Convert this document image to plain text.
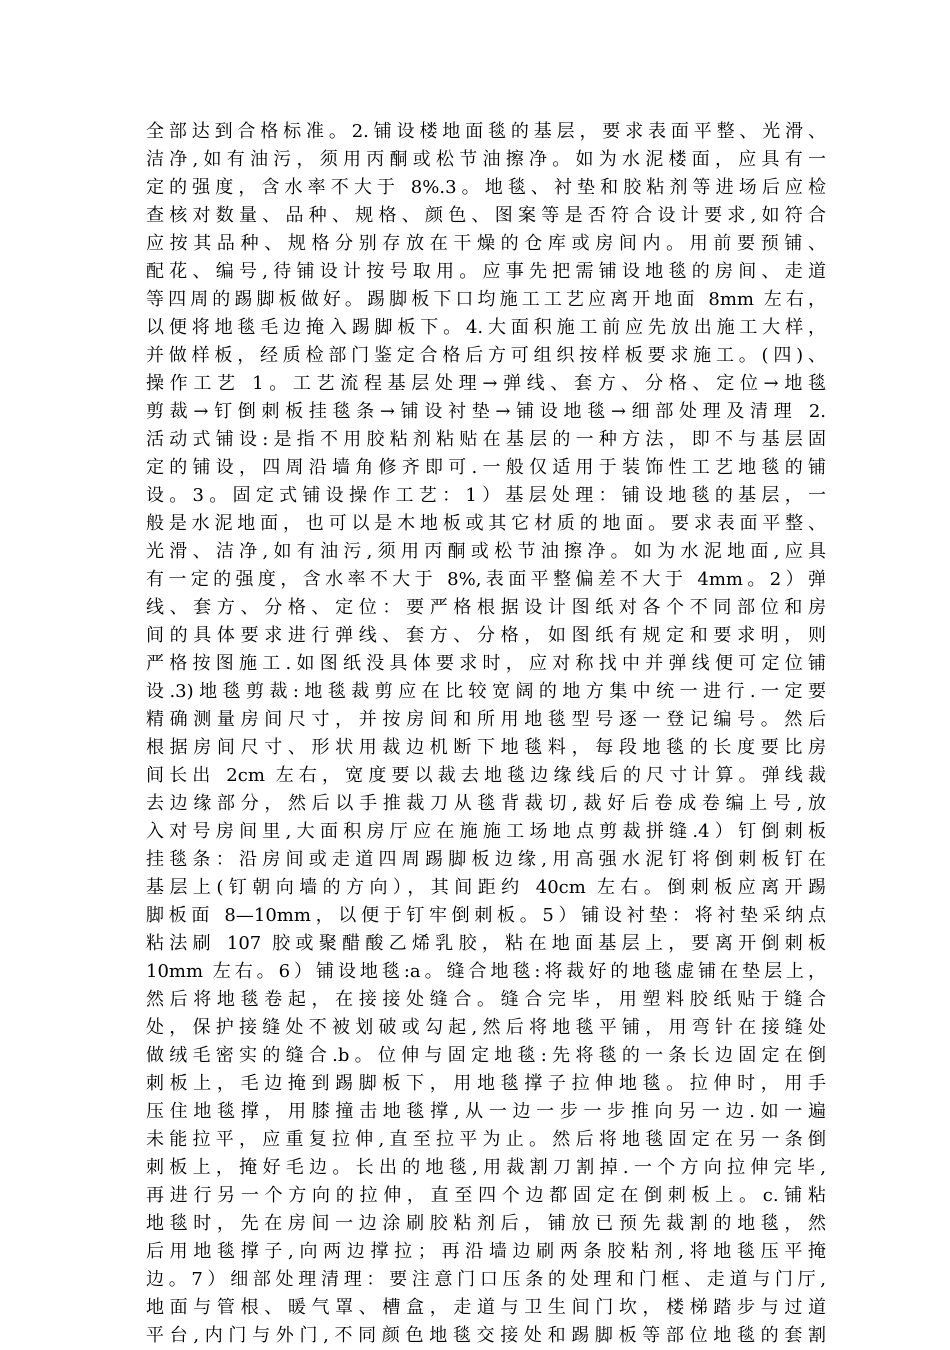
全部达到合格标准。2.铺设楼地面毯的基层，要求表面平整、光滑、
洁净,如有油污，须用丙酮或松节油擦净。如为水泥楼面，应具有一
定的强度，含水率不大于 8%.3。地毯、衬垫和胶粘剂等进场后应检
查核对数量、品种、规格、颜色、图案等是否符合设计要求,如符合
应按其品种、规格分别存放在干燥的仓库或房间内。用前要预铺、
配花、编号,待铺设计按号取用。应事先把需铺设地毯的房间、走道
等四周的踢脚板做好。踢脚板下口均施工工艺应离开地面 8mm 左右，
以便将地毯毛边掩入踢脚板下。4.大面积施工前应先放出施工大样，
并做样板，经质检部门鉴定合格后方可组织按样板要求施工。(四)、
操作工艺 1。工艺流程基层处理→弹线、套方、分格、定位→地毯
剪裁→钉倒刺板挂毯条→铺设衬垫→铺设地毯→细部处理及清理 2.
活动式铺设:是指不用胶粘剂粘贴在基层的一种方法，即不与基层固
定的铺设，四周沿墙角修齐即可.一般仅适用于装饰性工艺地毯的铺
设。3。固定式铺设操作工艺：1）基层处理：铺设地毯的基层，一
般是水泥地面，也可以是木地板或其它材质的地面。要求表面平整、
光滑、洁净,如有油污,须用丙酮或松节油擦净。如为水泥地面,应具
有一定的强度，含水率不大于 8%,表面平整偏差不大于 4mm。2）弹
线、套方、分格、定位：要严格根据设计图纸对各个不同部位和房
间的具体要求进行弹线、套方、分格，如图纸有规定和要求明，则
严格按图施工.如图纸没具体要求时，应对称找中并弹线便可定位铺
设.3)地毯剪裁:地毯裁剪应在比较宽阔的地方集中统一进行.一定要
精确测量房间尺寸，并按房间和所用地毯型号逐一登记编号。然后
根据房间尺寸、形状用裁边机断下地毯料，每段地毯的长度要比房
间长出 2cm 左右，宽度要以裁去地毯边缘线后的尺寸计算。弹线裁
去边缘部分，然后以手推裁刀从毯背裁切,裁好后卷成卷编上号,放
入对号房间里,大面积房厅应在施施工场地点剪裁拼缝.4）钉倒刺板
挂毯条：沿房间或走道四周踢脚板边缘,用高强水泥钉将倒刺板钉在
基层上(钉朝向墙的方向），其间距约 40cm 左右。倒刺板应离开踢
脚板面 8—10mm，以便于钉牢倒刺板。5）铺设衬垫：将衬垫采纳点
粘法刷 107 胶或聚醋酸乙烯乳胶，粘在地面基层上，要离开倒刺板
10mm 左右。6）铺设地毯:a。缝合地毯:将裁好的地毯虚铺在垫层上，
然后将地毯卷起，在接接处缝合。缝合完毕，用塑料胶纸贴于缝合
处，保护接缝处不被划破或勾起,然后将地毯平铺，用弯针在接缝处
做绒毛密实的缝合.b。位伸与固定地毯:先将毯的一条长边固定在倒
刺板上，毛边掩到踢脚板下，用地毯撑子拉伸地毯。拉伸时，用手
压住地毯撑，用膝撞击地毯撑,从一边一步一步推向另一边.如一遍
未能拉平，应重复拉伸,直至拉平为止。然后将地毯固定在另一条倒
刺板上，掩好毛边。长出的地毯,用裁割刀割掉.一个方向拉伸完毕,
再进行另一个方向的拉伸，直至四个边都固定在倒刺板上。c.铺粘
地毯时，先在房间一边涂刷胶粘剂后，铺放已预先裁割的地毯，然
后用地毯撑子,向两边撑拉；再沿墙边刷两条胶粘剂,将地毯压平掩
边。7）细部处理清理：要注意门口压条的处理和门框、走道与门厅,
地面与管根、暖气罩、槽盒，走道与卫生间门坎，楼梯踏步与过道
平台,内门与外门,不同颜色地毯交接处和踢脚板等部位地毯的套割
